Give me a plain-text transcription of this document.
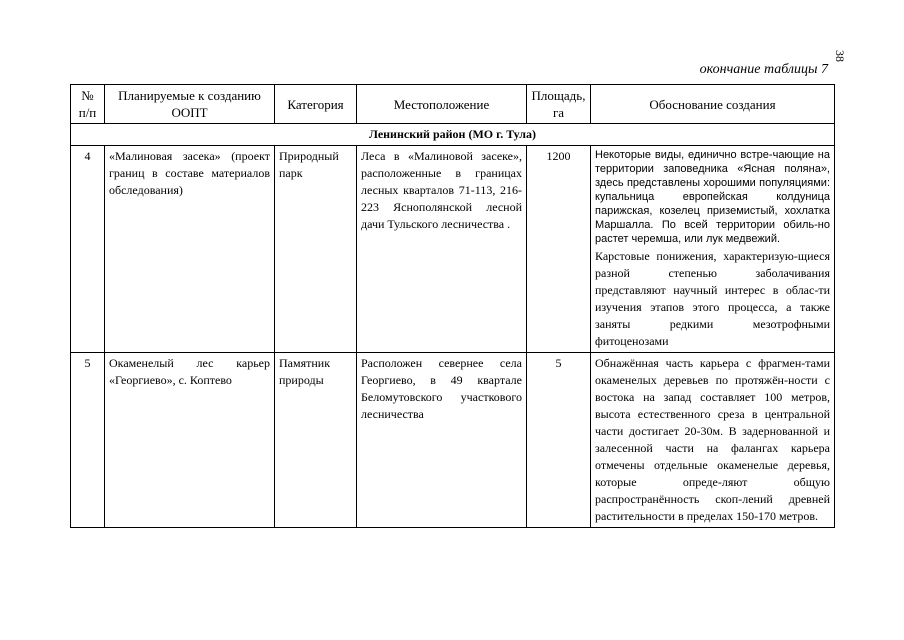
38
окончание таблицы 7
№ п/п	Планируемые к созданию ООПТ	Категория	Местоположение	Площадь, га	Обоснование создания
Ленинский район (МО г. Тула)					
4	«Малиновая засека» (проект границ в составе материалов обследования)	Природный парк	Леса в «Малиновой засеке», расположенные в границах лесных кварталов 71-113, 216-223 Яснополянской лесной дачи Тульского лесничества .	1200	Некоторые виды, единично встре-чающие на территории заповедника «Ясная поляна», здесь представлены хорошими популяциями: купальница европейская колдуница парижская, козелец приземистый, хохлатка Маршалла. По всей территории обиль-но растет черемша, или лук медвежий.
Карстовые понижения, характеризую-щиеся разной степенью заболачивания представляют научный интерес в облас-ти изучения этапов этого процесса, а также заняты редкими мезотрофными фитоценозами

5	Окаменелый лес карьер «Георгиево», с. Коптево	Памятник природы	Расположен севернее села Георгиево, в 49 квартале Беломутовского участкового лесничества	5	Обнажённая часть карьера с фрагмен-тами окаменелых деревьев по протяжён-ности с востока на запад составляет 100 метров, высота естественного среза в центральной части достигает 20-30м. В задернованной и залесенной части на фалангах карьера отмечены отдельные окаменелые деревья, которые опреде-ляют общую распространённость скоп-лений древней растительности в пределах 150-170 метров.
